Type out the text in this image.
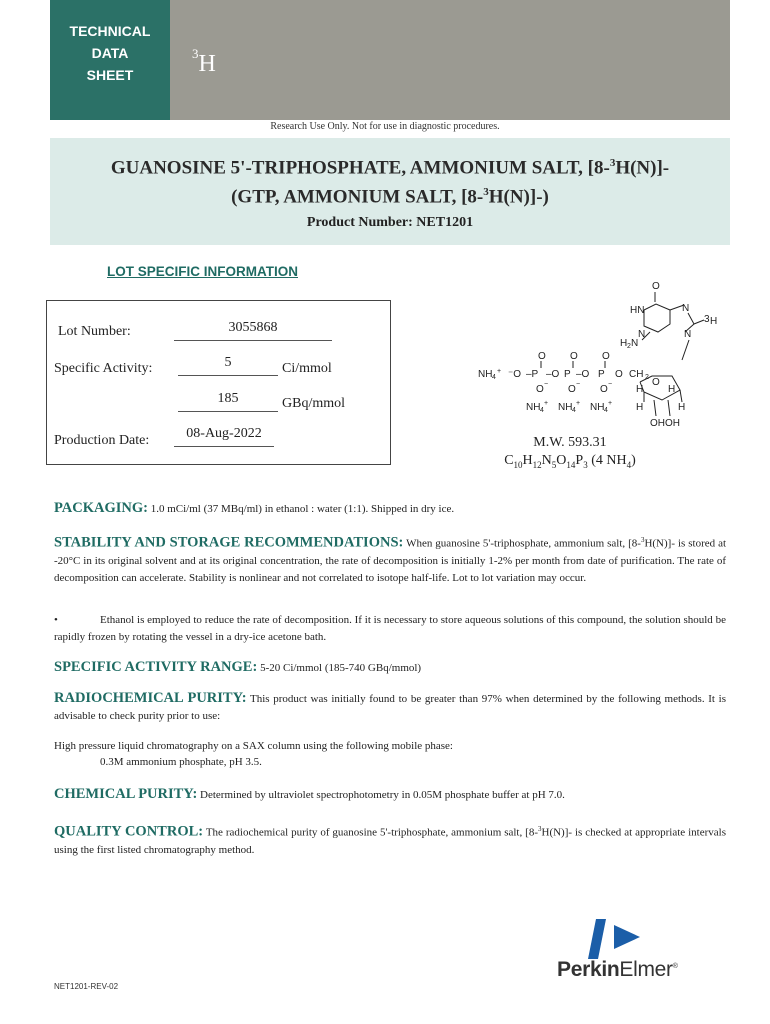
TECHNICAL
DATA
SHEET
$^3$H
Research Use Only. Not for use in diagnostic procedures.
GUANOSINE 5'-TRIPHOSPHATE, AMMONIUM SALT, [8-$^3$H(N)]-
(GTP, AMMONIUM SALT, [8-$^3$H(N)]-)
Product Number: NET1201
LOT SPECIFIC INFORMATION
Lot Number:	3055868
Specific Activity:	5	Ci/mmol
185	GBq/mmol
Production Date:	08-Aug-2022
O
HN	N
3 H
N	N
H 2 N
O O O
NH 4
+ ⁻O –P –O P –O P O CH 2 O
O O O
−	−	−
NH 4
+ NH 4
+ NH 4
+
H H
H	H
OHOH
M.W. 593.31
$C_{10}H_{12}N_5O_{14}P_3$ (4 $NH_4$)
PACKAGING: 1.0 mCi/ml (37 MBq/ml) in ethanol : water (1:1). Shipped in dry ice.
STABILITY AND STORAGE RECOMMENDATIONS: When guanosine 5'-triphosphate, ammonium salt, [8-$^3$H(N)]- is stored at -20°C in its original solvent and at its original concentration, the rate of decomposition is initially 1-2% per month from date of purification. The rate of decomposition can accelerate. Stability is nonlinear and not correlated to isotope half-life. Lot to lot variation may occur.
•	Ethanol is employed to reduce the rate of decomposition. If it is necessary to store aqueous solutions of this compound, the solution should be rapidly frozen by rotating the vessel in a dry-ice acetone bath.
SPECIFIC ACTIVITY RANGE: 5-20 Ci/mmol (185-740 GBq/mmol)
RADIOCHEMICAL PURITY: This product was initially found to be greater than 97% when determined by the following methods. It is advisable to check purity prior to use:
High pressure liquid chromatography on a SAX column using the following mobile phase:
0.3M ammonium phosphate, pH 3.5.
CHEMICAL PURITY: Determined by ultraviolet spectrophotometry in 0.05M phosphate buffer at pH 7.0.
QUALITY CONTROL: The radiochemical purity of guanosine 5'-triphosphate, ammonium salt, [8-$^3$H(N)]- is checked at appropriate intervals using the first listed chromatography method.
NET1201-REV-02
PerkinElmer®
